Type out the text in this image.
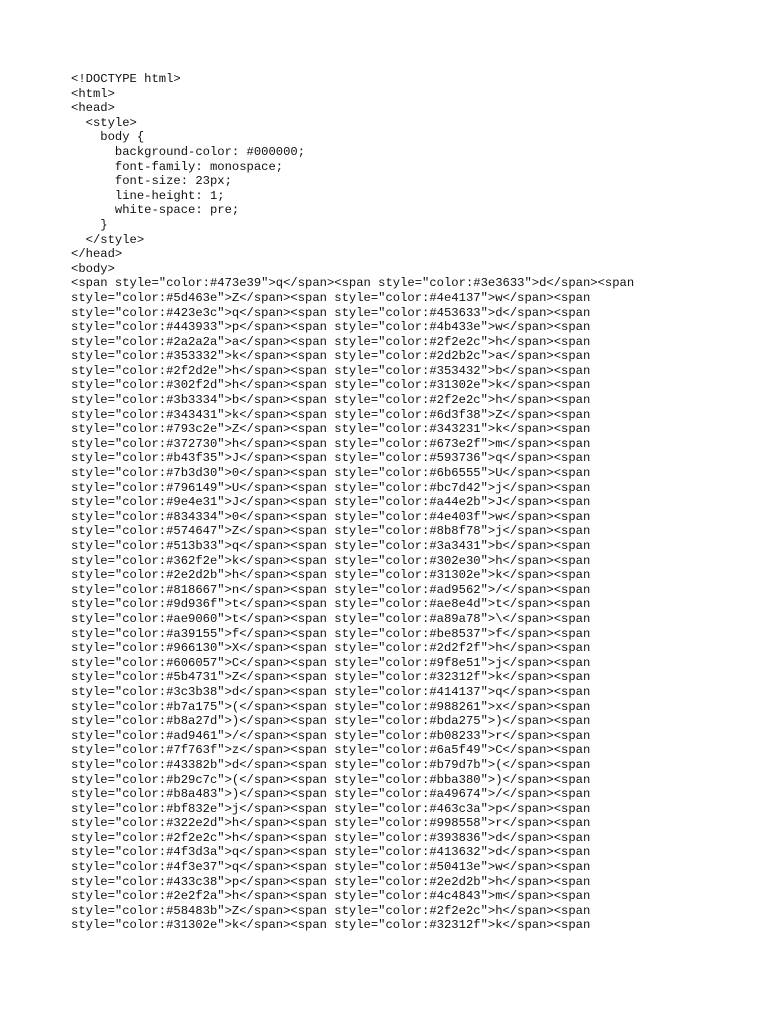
<!DOCTYPE html>
<html>
<head>
<style>
body {
background-color: #000000;
font-family: monospace;
font-size: 23px;
line-height: 1;
white-space: pre;
}
</style>
</head>
<body>
<span style="color:#473e39">q</span><span style="color:#3e3633">d</span><span
style="color:#5d463e">Z</span><span style="color:#4e4137">w</span><span
style="color:#423e3c">q</span><span style="color:#453633">d</span><span
style="color:#443933">p</span><span style="color:#4b433e">w</span><span
style="color:#2a2a2a">a</span><span style="color:#2f2e2c">h</span><span
style="color:#353332">k</span><span style="color:#2d2b2c">a</span><span
style="color:#2f2d2e">h</span><span style="color:#353432">b</span><span
style="color:#302f2d">h</span><span style="color:#31302e">k</span><span
style="color:#3b3334">b</span><span style="color:#2f2e2c">h</span><span
style="color:#343431">k</span><span style="color:#6d3f38">Z</span><span
style="color:#793c2e">Z</span><span style="color:#343231">k</span><span
style="color:#372730">h</span><span style="color:#673e2f">m</span><span
style="color:#b43f35">J</span><span style="color:#593736">q</span><span
style="color:#7b3d30">0</span><span style="color:#6b6555">U</span><span
style="color:#796149">U</span><span style="color:#bc7d42">j</span><span
style="color:#9e4e31">J</span><span style="color:#a44e2b">J</span><span
style="color:#834334">0</span><span style="color:#4e403f">w</span><span
style="color:#574647">Z</span><span style="color:#8b8f78">j</span><span
style="color:#513b33">q</span><span style="color:#3a3431">b</span><span
style="color:#362f2e">k</span><span style="color:#302e30">h</span><span
style="color:#2e2d2b">h</span><span style="color:#31302e">k</span><span
style="color:#818667">n</span><span style="color:#ad9562">/</span><span
style="color:#9d936f">t</span><span style="color:#ae8e4d">t</span><span
style="color:#ae9060">t</span><span style="color:#a89a78">\</span><span
style="color:#a39155">f</span><span style="color:#be8537">f</span><span
style="color:#966130">X</span><span style="color:#2d2f2f">h</span><span
style="color:#606057">C</span><span style="color:#9f8e51">j</span><span
style="color:#5b4731">Z</span><span style="color:#32312f">k</span><span
style="color:#3c3b38">d</span><span style="color:#414137">q</span><span
style="color:#b7a175">(</span><span style="color:#988261">x</span><span
style="color:#b8a27d">)</span><span style="color:#bda275">)</span><span
style="color:#ad9461">/</span><span style="color:#b08233">r</span><span
style="color:#7f763f">z</span><span style="color:#6a5f49">C</span><span
style="color:#43382b">d</span><span style="color:#b79d7b">(</span><span
style="color:#b29c7c">(</span><span style="color:#bba380">)</span><span
style="color:#b8a483">)</span><span style="color:#a49674">/</span><span
style="color:#bf832e">j</span><span style="color:#463c3a">p</span><span
style="color:#322e2d">h</span><span style="color:#998558">r</span><span
style="color:#2f2e2c">h</span><span style="color:#393836">d</span><span
style="color:#4f3d3a">q</span><span style="color:#413632">d</span><span
style="color:#4f3e37">q</span><span style="color:#50413e">w</span><span
style="color:#433c38">p</span><span style="color:#2e2d2b">h</span><span
style="color:#2e2f2a">h</span><span style="color:#4c4843">m</span><span
style="color:#58483b">Z</span><span style="color:#2f2e2c">h</span><span
style="color:#31302e">k</span><span style="color:#32312f">k</span><span
